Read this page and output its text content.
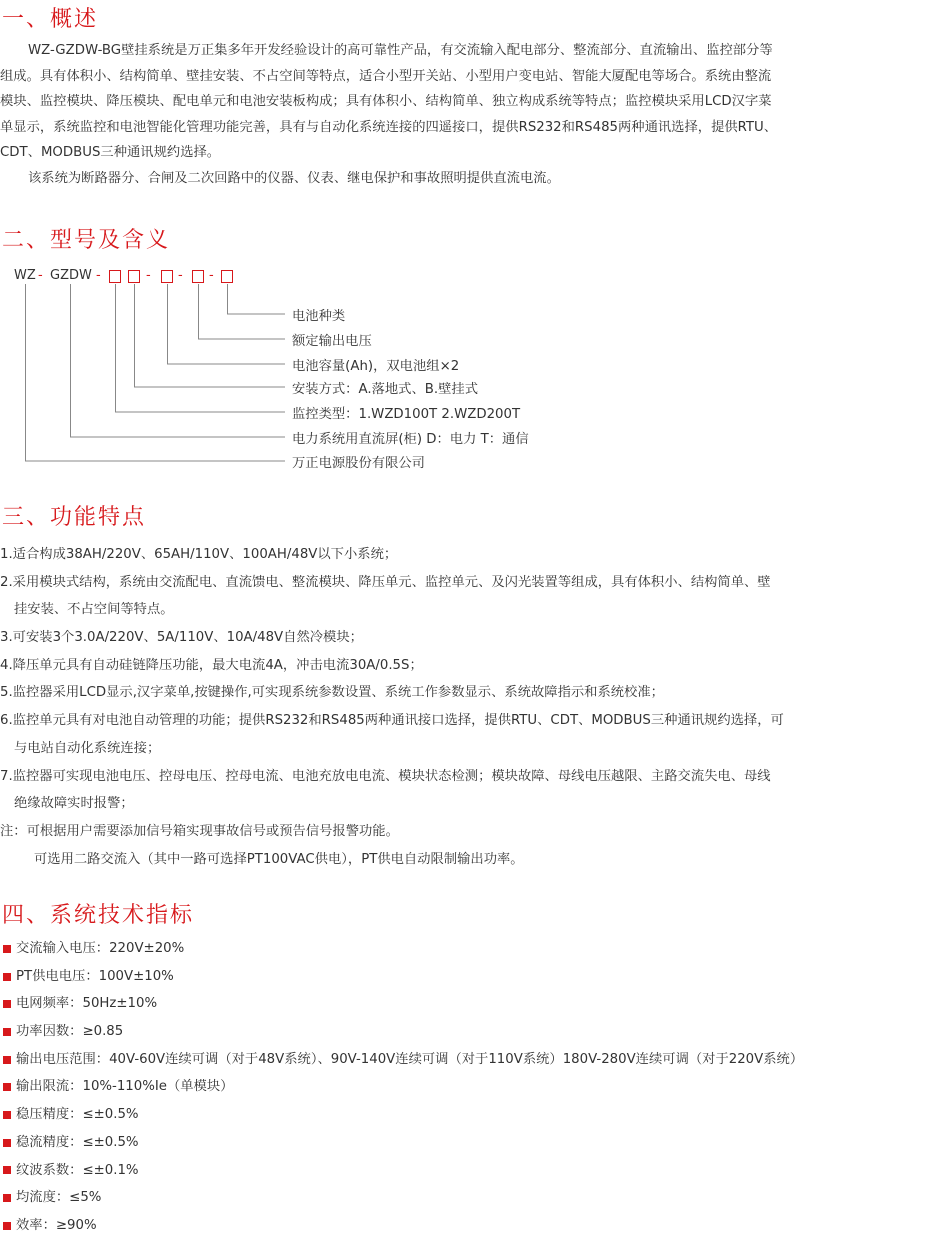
一、概述
WZ-GZDW-BG壁挂系统是万正集多年开发经验设计的高可靠性产品，有交流输入配电部分、整流部分、直流输出、监控部分等
组成。具有体积小、结构简单、壁挂安装、不占空间等特点，适合小型开关站、小型用户变电站、智能大厦配电等场合。系统由整流
模块、监控模块、降压模块、配电单元和电池安装板构成；具有体积小、结构简单、独立构成系统等特点；监控模块采用LCD汉字菜
单显示，系统监控和电池智能化管理功能完善，具有与自动化系统连接的四遥接口，提供RS232和RS485两种通讯选择，提供RTU、
CDT、MODBUS三种通讯规约选择。
该系统为断路器分、合闸及二次回路中的仪器、仪表、继电保护和事故照明提供直流电流。
二、型号及含义
WZ - GZDW -	- - -
电池种类
额定输出电压
电池容量(Ah)，双电池组×2
安装方式：A.落地式、B.壁挂式
监控类型：1.WZD100T 2.WZD200T
电力系统用直流屏(柜) D：电力 T：通信
万正电源股份有限公司
三、功能特点
1.适合构成38AH/220V、65AH/110V、100AH/48V以下小系统；
2.采用模块式结构，系统由交流配电、直流馈电、整流模块、降压单元、监控单元、及闪光装置等组成，具有体积小、结构简单、壁
挂安装、不占空间等特点。
3.可安装3个3.0A/220V、5A/110V、10A/48V自然冷模块；
4.降压单元具有自动硅链降压功能，最大电流4A，冲击电流30A/0.5S；
5.监控器采用LCD显示,汉字菜单,按键操作,可实现系统参数设置、系统工作参数显示、系统故障指示和系统校准；
6.监控单元具有对电池自动管理的功能；提供RS232和RS485两种通讯接口选择，提供RTU、CDT、MODBUS三种通讯规约选择，可
与电站自动化系统连接；
7.监控器可实现电池电压、控母电压、控母电流、电池充放电电流、模块状态检测；模块故障、母线电压越限、主路交流失电、母线
绝缘故障实时报警；
注：可根据用户需要添加信号箱实现事故信号或预告信号报警功能。
可选用二路交流入（其中一路可选择PT100VAC供电），PT供电自动限制输出功率。
四、系统技术指标
交流输入电压：220V±20%
PT供电电压：100V±10%
电网频率：50Hz±10%
功率因数：≥0.85
输出电压范围：40V-60V连续可调（对于48V系统）、90V-140V连续可调（对于110V系统）180V-280V连续可调（对于220V系统）
输出限流：10%-110%Ie（单模块）
稳压精度：≤±0.5%
稳流精度：≤±0.5%
纹波系数：≤±0.1%
均流度：≤5%
效率：≥90%
